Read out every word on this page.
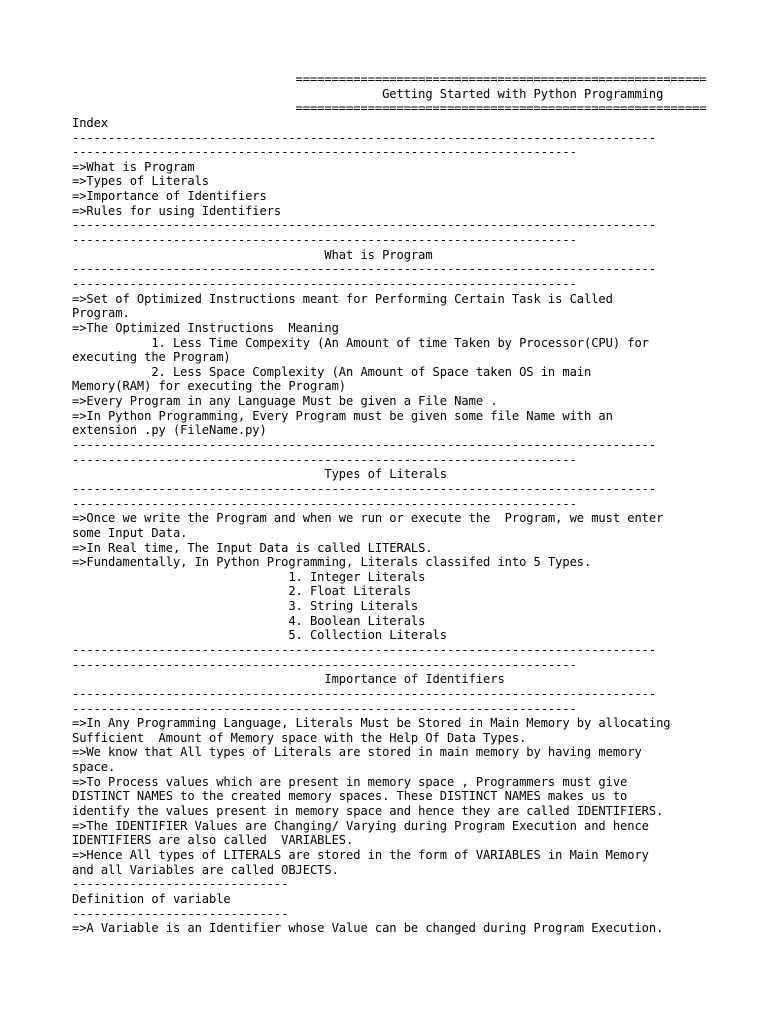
=========================================================
Getting Started with Python Programming
=========================================================
Index
---------------------------------------------------------------------------------
----------------------------------------------------------------------
=>What is Program
=>Types of Literals
=>Importance of Identifiers
=>Rules for using Identifiers
---------------------------------------------------------------------------------
----------------------------------------------------------------------
What is Program
---------------------------------------------------------------------------------
----------------------------------------------------------------------
=>Set of Optimized Instructions meant for Performing Certain Task is Called
Program.
=>The Optimized Instructions  Meaning
1. Less Time Compexity (An Amount of time Taken by Processor(CPU) for
executing the Program)
2. Less Space Complexity (An Amount of Space taken OS in main
Memory(RAM) for executing the Program)
=>Every Program in any Language Must be given a File Name .
=>In Python Programming, Every Program must be given some file Name with an
extension .py (FileName.py)
---------------------------------------------------------------------------------
----------------------------------------------------------------------
Types of Literals
---------------------------------------------------------------------------------
----------------------------------------------------------------------
=>Once we write the Program and when we run or execute the  Program, we must enter
some Input Data.
=>In Real time, The Input Data is called LITERALS.
=>Fundamentally, In Python Programming, Literals classifed into 5 Types.
1. Integer Literals
2. Float Literals
3. String Literals
4. Boolean Literals
5. Collection Literals
---------------------------------------------------------------------------------
----------------------------------------------------------------------
Importance of Identifiers
---------------------------------------------------------------------------------
----------------------------------------------------------------------
=>In Any Programming Language, Literals Must be Stored in Main Memory by allocating
Sufficient  Amount of Memory space with the Help Of Data Types.
=>We know that All types of Literals are stored in main memory by having memory
space.
=>To Process values which are present in memory space , Programmers must give
DISTINCT NAMES to the created memory spaces. These DISTINCT NAMES makes us to
identify the values present in memory space and hence they are called IDENTIFIERS.
=>The IDENTIFIER Values are Changing/ Varying during Program Execution and hence
IDENTIFIERS are also called  VARIABLES.
=>Hence All types of LITERALS are stored in the form of VARIABLES in Main Memory
and all Variables are called OBJECTS.
------------------------------
Definition of variable
------------------------------
=>A Variable is an Identifier whose Value can be changed during Program Execution.
